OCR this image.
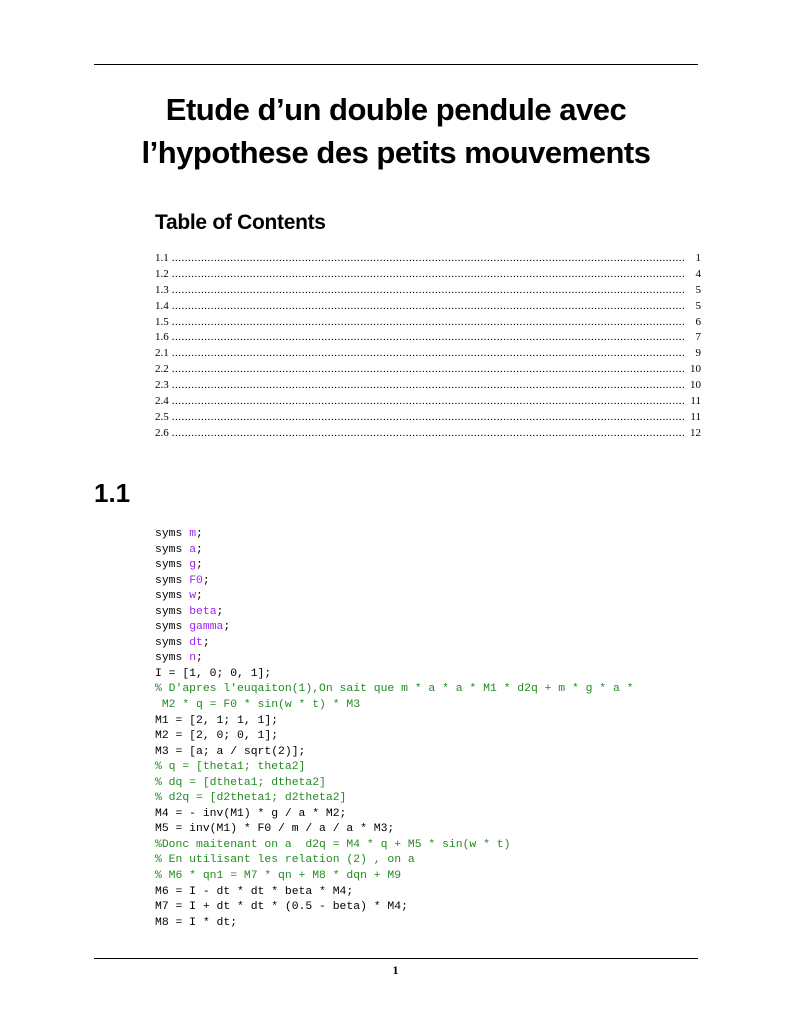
Etude d’un double pendule avec
l’hypothese des petits mouvements
Table of Contents
1.1 .....	1
1.2 .....	4
1.3 .....	5
1.4 .....	5
1.5 .....	6
1.6 .....	7
2.1 .....	9
2.2 .....	10
2.3 .....	10
2.4 .....	11
2.5 .....	11
2.6 .....	12
1.1
syms m;
syms a;
syms g;
syms F0;
syms w;
syms beta;
syms gamma;
syms dt;
syms n;
I = [1, 0; 0, 1];
% D'apres l'euqaiton(1),On sait que m * a * a * M1 * d2q + m * g * a *
M2 * q = F0 * sin(w * t) * M3
M1 = [2, 1; 1, 1];
M2 = [2, 0; 0, 1];
M3 = [a; a / sqrt(2)];
% q = [theta1; theta2]
% dq = [dtheta1; dtheta2]
% d2q = [d2theta1; d2theta2]
M4 = - inv(M1) * g / a * M2;
M5 = inv(M1) * F0 / m / a / a * M3;
%Donc maitenant on a  d2q = M4 * q + M5 * sin(w * t)
% En utilisant les relation (2) , on a
% M6 * qn1 = M7 * qn + M8 * dqn + M9
M6 = I - dt * dt * beta * M4;
M7 = I + dt * dt * (0.5 - beta) * M4;
M8 = I * dt;
1
